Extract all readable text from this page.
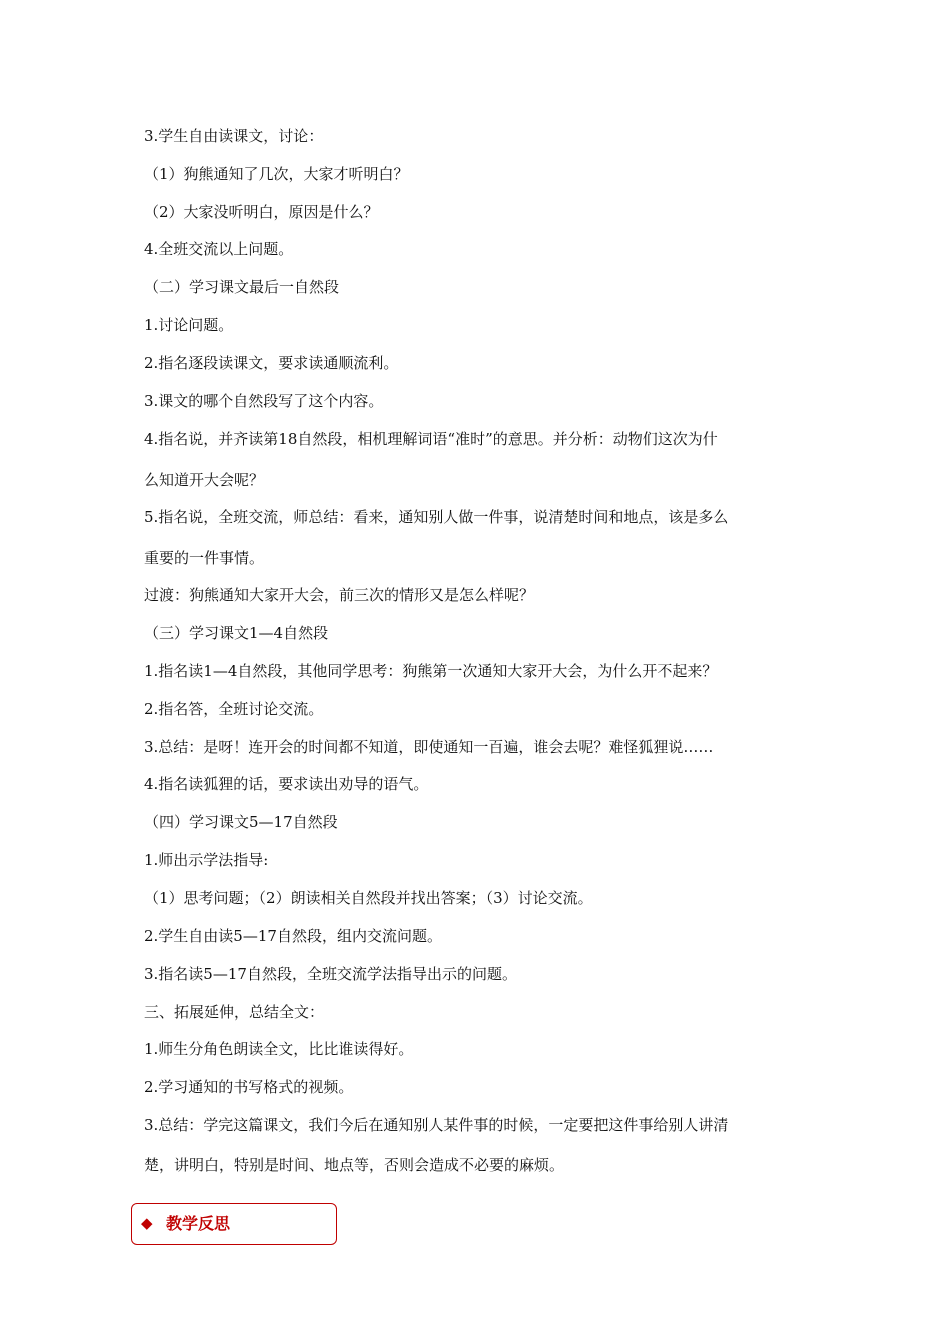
3.学生自由读课文，讨论：
（1）狗熊通知了几次，大家才听明白？
（2）大家没听明白，原因是什么？
4.全班交流以上问题。
（二）学习课文最后一自然段
1.讨论问题。
2.指名逐段读课文，要求读通顺流利。
3.课文的哪个自然段写了这个内容。
4.指名说，并齐读第18自然段，相机理解词语“准时”的意思。并分析：动物们这次为什
么知道开大会呢？
5.指名说，全班交流，师总结：看来，通知别人做一件事，说清楚时间和地点，该是多么
重要的一件事情。
过渡：狗熊通知大家开大会，前三次的情形又是怎么样呢？
（三）学习课文1—4自然段
1.指名读1—4自然段，其他同学思考：狗熊第一次通知大家开大会，为什么开不起来？
2.指名答，全班讨论交流。
3.总结：是呀！连开会的时间都不知道，即使通知一百遍，谁会去呢？难怪狐狸说……
4.指名读狐狸的话，要求读出劝导的语气。
（四）学习课文5—17自然段
1.师出示学法指导:
（1）思考问题；（2）朗读相关自然段并找出答案；（3）讨论交流。
2.学生自由读5—17自然段，组内交流问题。
3.指名读5—17自然段，全班交流学法指导出示的问题。
三、拓展延伸，总结全文：
1.师生分角色朗读全文，比比谁读得好。
2.学习通知的书写格式的视频。
3.总结：学完这篇课文，我们今后在通知别人某件事的时候，一定要把这件事给别人讲清
楚，讲明白，特别是时间、地点等，否则会造成不必要的麻烦。
◆ 教学反思
